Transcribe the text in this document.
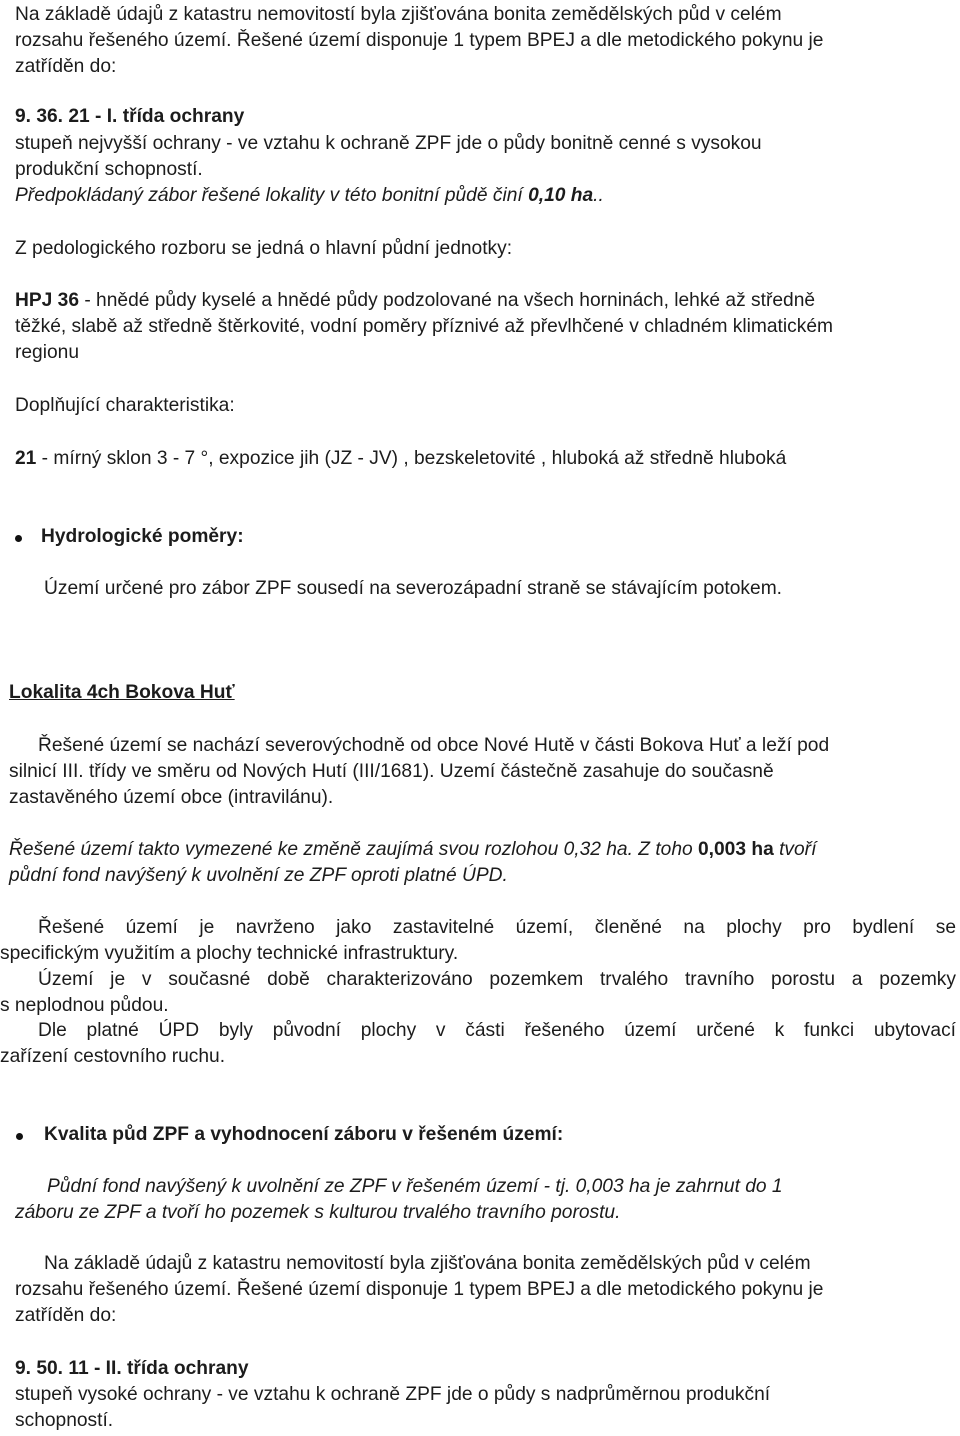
Na základě údajů z katastru nemovitostí byla zjišťována bonita zemědělských půd v celém
rozsahu řešeného území. Řešené území disponuje 1 typem BPEJ a dle metodického pokynu je
zatříděn do:
9. 36. 21 - I. třída ochrany
stupeň nejvyšší ochrany - ve vztahu k ochraně ZPF jde o půdy bonitně cenné s vysokou
produkční schopností.
Předpokládaný zábor řešené lokality v této bonitní půdě činí 0,10 ha..
Z pedologického rozboru se jedná o hlavní půdní jednotky:
HPJ 36 - hnědé půdy kyselé a hnědé půdy podzolované na všech horninách, lehké až středně
těžké, slabě až středně štěrkovité, vodní poměry příznivé až převlhčené v chladném klimatickém
regionu
Doplňující charakteristika:
21 - mírný sklon 3 - 7 °, expozice jih (JZ - JV) , bezskeletovité , hluboká až středně hluboká
Hydrologické poměry:
Území určené pro zábor ZPF sousedí na severozápadní straně se stávajícím potokem.
Lokalita 4ch Bokova Huť
Řešené území se nachází severovýchodně od obce Nové Hutě v části Bokova Huť a leží pod
silnicí III. třídy ve směru od Nových Hutí (III/1681). Uzemí částečně zasahuje do současně
zastavěného území obce (intravilánu).
Řešené území takto vymezené ke změně zaujímá svou rozlohou 0,32 ha. Z toho 0,003 ha tvoří
půdní fond navýšený k uvolnění ze ZPF oproti platné ÚPD.
Řešené území je navrženo jako zastavitelné území, členěné na plochy pro bydlení se
specifickým využitím a plochy technické infrastruktury.
Území je v současné době charakterizováno pozemkem trvalého travního porostu a pozemky
s neplodnou půdou.
Dle platné ÚPD byly původní plochy v části řešeného území určené k funkci ubytovací
zařízení cestovního ruchu.
Kvalita půd ZPF a vyhodnocení záboru v řešeném území:
Půdní fond navýšený k uvolnění ze ZPF v řešeném území - tj. 0,003 ha je zahrnut do 1
záboru ze ZPF a tvoří ho pozemek s kulturou trvalého travního porostu.
Na základě údajů z katastru nemovitostí byla zjišťována bonita zemědělských půd v celém
rozsahu řešeného území. Řešené území disponuje 1 typem BPEJ a dle metodického pokynu je
zatříděn do:
9. 50. 11 - II. třída ochrany
stupeň vysoké ochrany - ve vztahu k ochraně ZPF jde o půdy s nadprůměrnou produkční
schopností.
